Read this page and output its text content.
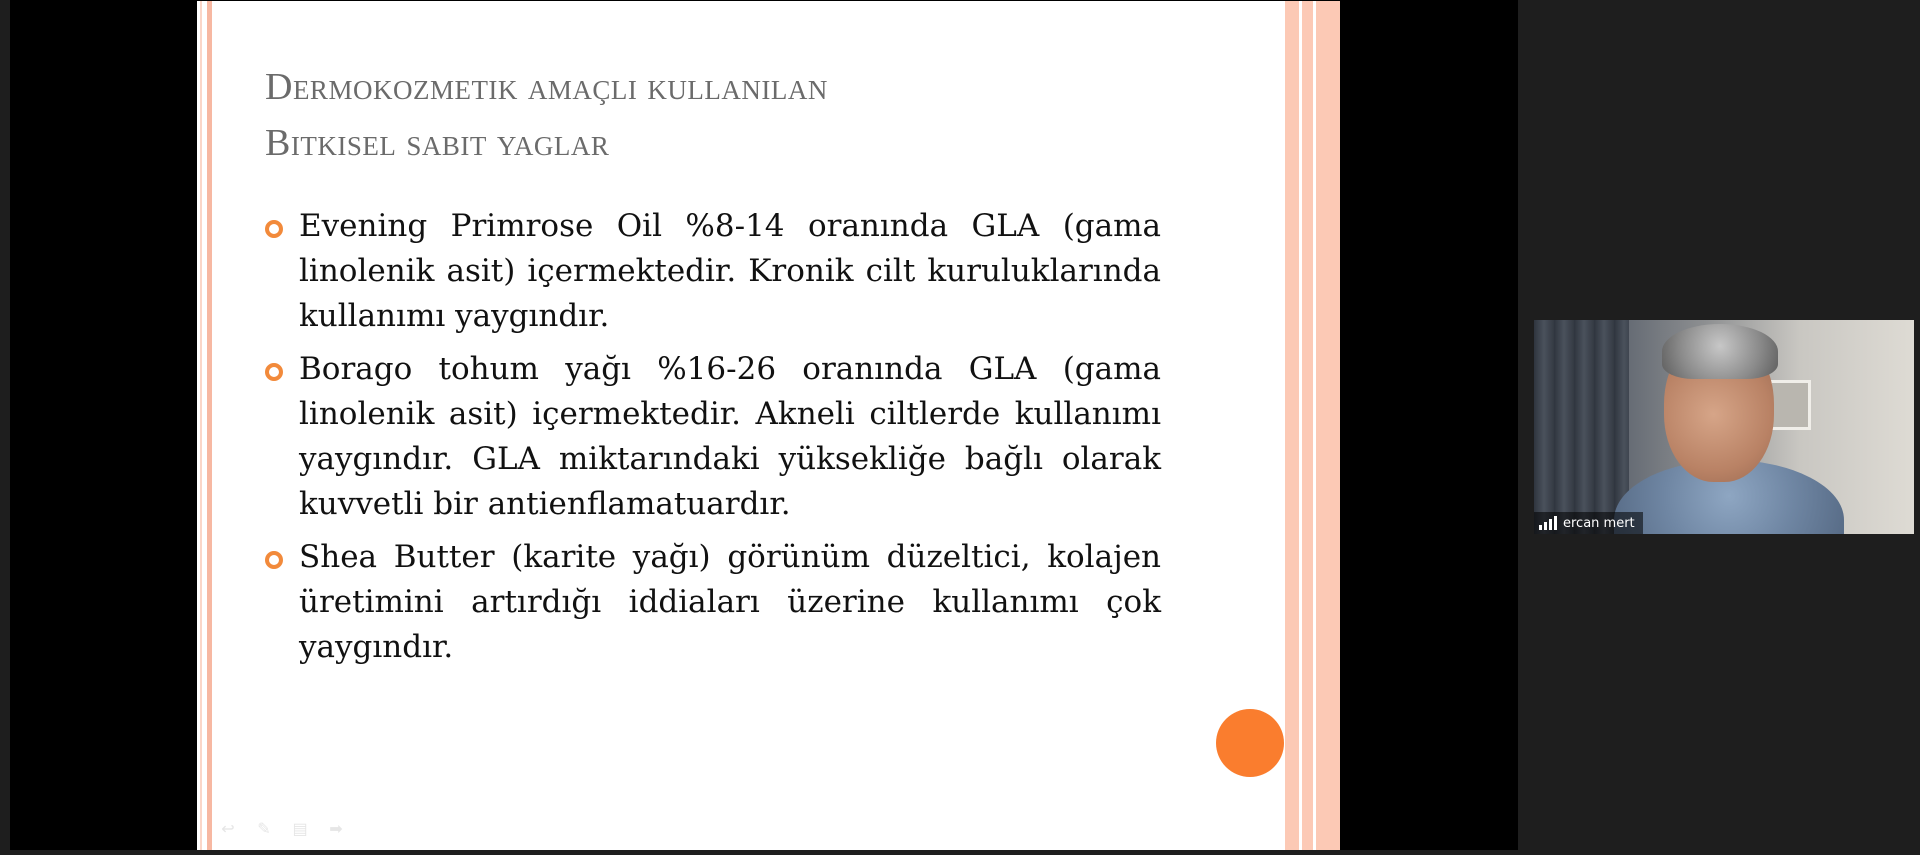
Dermokozmetik amaçlı kullanılan
Bitkisel sabit yaglar
Evening Primrose Oil %8-14 oranında GLA (gama linolenik asit) içermektedir. Kronik cilt kuruluklarında kullanımı yaygındır.
Borago tohum yağı %16-26 oranında GLA (gama linolenik asit) içermektedir. Akneli ciltlerde kullanımı yaygındır. GLA miktarındaki yüksekliğe bağlı olarak kuvvetli bir antienflamatuardır.
Shea Butter (karite yağı) görünüm düzeltici, kolajen üretimini artırdığı iddiaları üzerine kullanımı çok yaygındır.
↩ ✎ ▤ ➡
ercan mert
